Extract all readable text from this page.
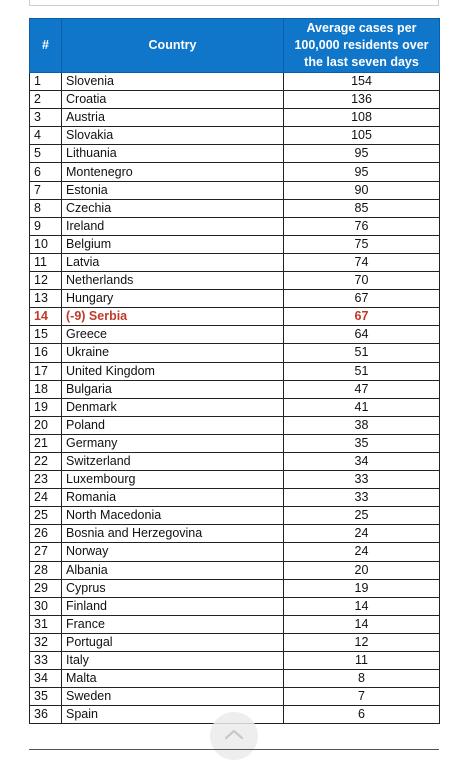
#	Country	Average cases per 100,000 residents over the last seven days
1	Slovenia	154
2	Croatia	136
3	Austria	108
4	Slovakia	105
5	Lithuania	95
6	Montenegro	95
7	Estonia	90
8	Czechia	85
9	Ireland	76
10	Belgium	75
11	Latvia	74
12	Netherlands	70
13	Hungary	67
14	(-9) Serbia	67
15	Greece	64
16	Ukraine	51
17	United Kingdom	51
18	Bulgaria	47
19	Denmark	41
20	Poland	38
21	Germany	35
22	Switzerland	34
23	Luxembourg	33
24	Romania	33
25	North Macedonia	25
26	Bosnia and Herzegovina	24
27	Norway	24
28	Albania	20
29	Cyprus	19
30	Finland	14
31	France	14
32	Portugal	12
33	Italy	11
34	Malta	8
35	Sweden	7
36	Spain	6
